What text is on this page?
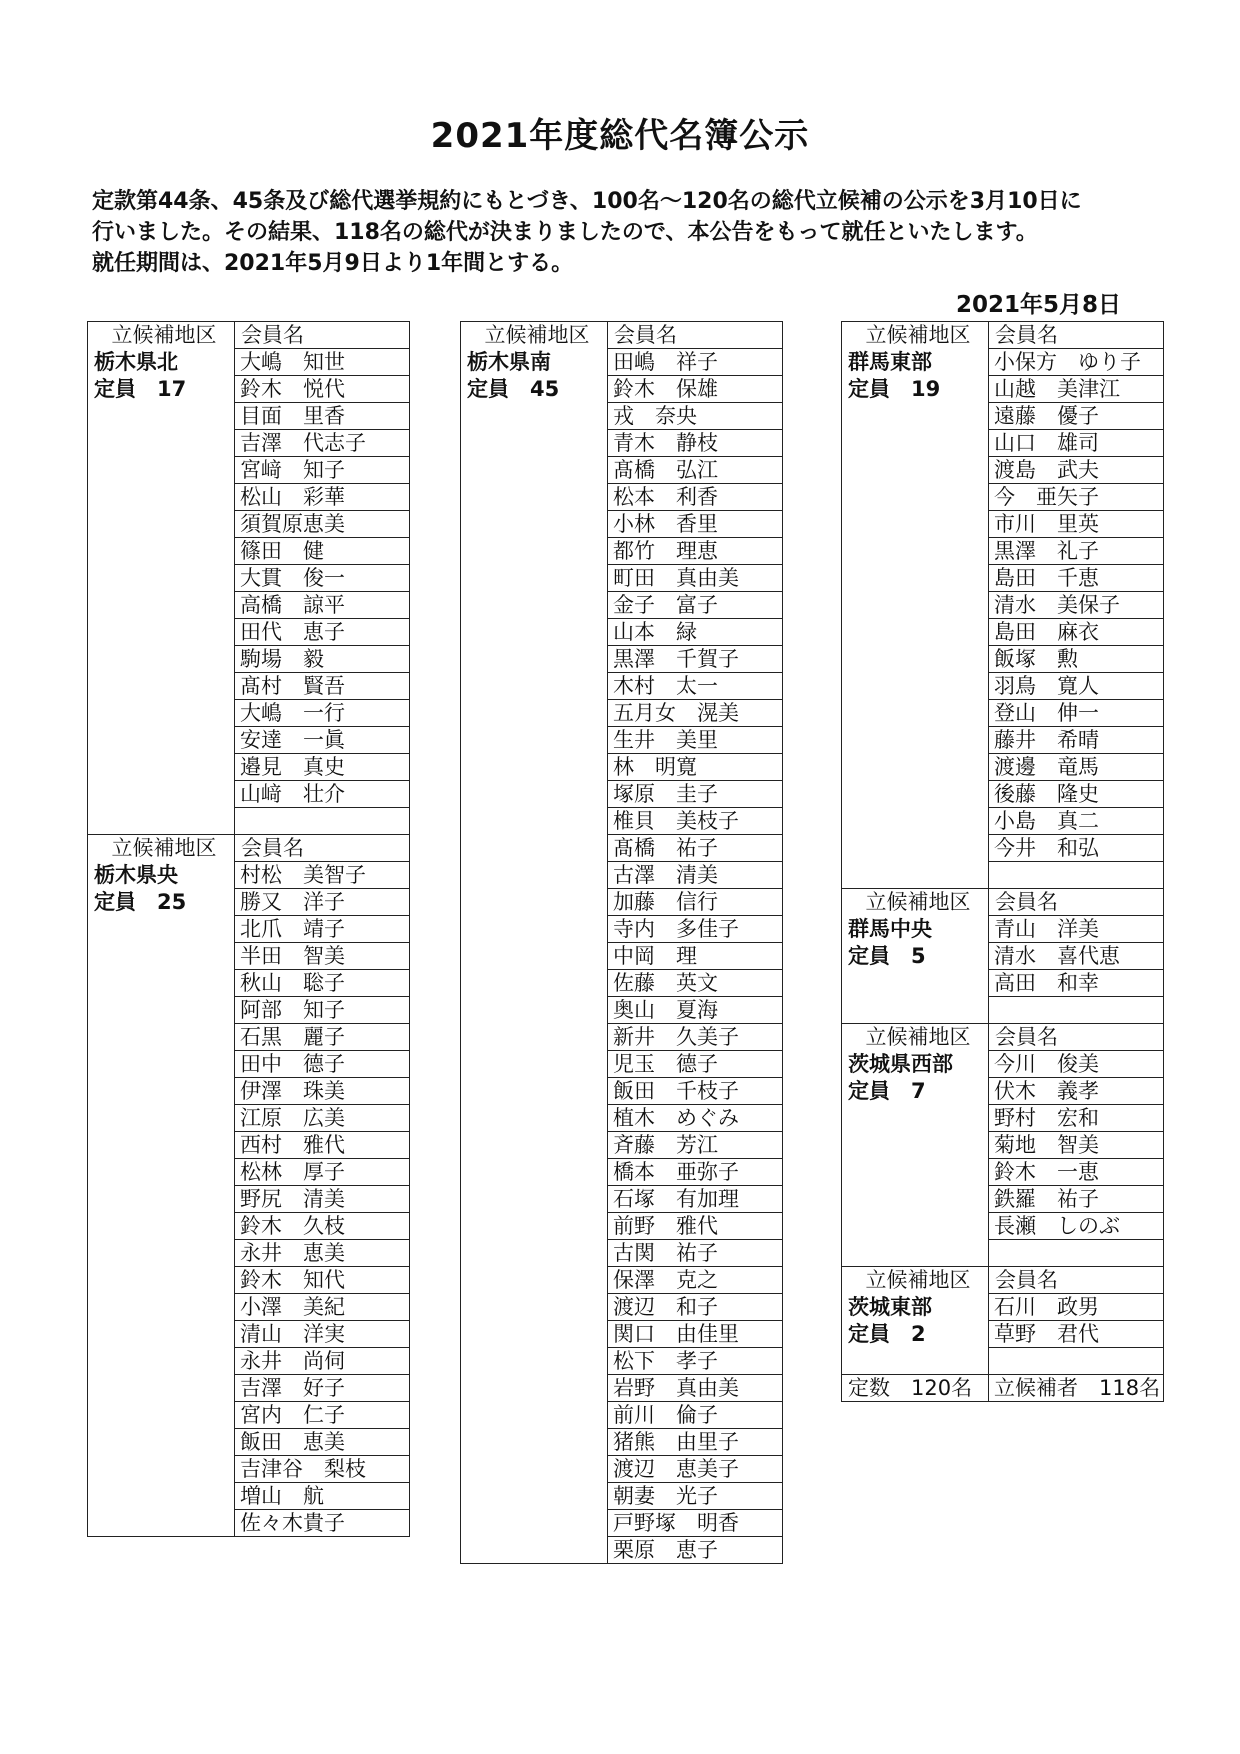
2021年度総代名簿公示
定款第44条、45条及び総代選挙規約にもとづき、100名～120名の総代立候補の公示を3月10日に
行いました。その結果、118名の総代が決まりましたので、本公告をもって就任といたします。
就任期間は、2021年5月9日より1年間とする。
2021年5月8日
立候補地区	会員名
栃木県北	大嶋　知世
定員　17	鈴木　悦代
	目面　里香
	吉澤　代志子
	宮﨑　知子
	松山　彩華
	須賀原恵美
	篠田　健
	大貫　俊一
	高橋　諒平
	田代　恵子
	駒場　毅
	髙村　賢吾
	大嶋　一行
	安達　一眞
	邉見　真史
	山﨑　壮介

立候補地区	会員名
栃木県央	村松　美智子
定員　25	勝又　洋子
	北爪　靖子
	半田　智美
	秋山　聡子
	阿部　知子
	石黒　麗子
	田中　德子
	伊澤　珠美
	江原　広美
	西村　雅代
	松林　厚子
	野尻　清美
	鈴木　久枝
	永井　恵美
	鈴木　知代
	小澤　美紀
	清山　洋実
	永井　尚伺
	吉澤　好子
	宮内　仁子
	飯田　恵美
	吉津谷　梨枝
	増山　航
	佐々木貴子
立候補地区	会員名
栃木県南	田嶋　祥子
定員　45	鈴木　保雄
	戎　奈央
	青木　静枝
	髙橋　弘江
	松本　利香
	小林　香里
	都竹　理恵
	町田　真由美
	金子　富子
	山本　緑
	黒澤　千賀子
	木村　太一
	五月女　滉美
	生井　美里
	林　明寛
	塚原　圭子
	椎貝　美枝子
	髙橋　祐子
	古澤　清美
	加藤　信行
	寺内　多佳子
	中岡　理
	佐藤　英文
	奥山　夏海
	新井　久美子
	児玉　德子
	飯田　千枝子
	植木　めぐみ
	斉藤　芳江
	橋本　亜弥子
	石塚　有加理
	前野　雅代
	古関　祐子
	保澤　克之
	渡辺　和子
	関口　由佳里
	松下　孝子
	岩野　真由美
	前川　倫子
	猪熊　由里子
	渡辺　恵美子
	朝妻　光子
	戸野塚　明香
	栗原　恵子
立候補地区	会員名
群馬東部	小保方　ゆり子
定員　19	山越　美津江
	遠藤　優子
	山口　雄司
	渡島　武夫
	今　亜矢子
	市川　里英
	黒澤　礼子
	島田　千恵
	清水　美保子
	島田　麻衣
	飯塚　勲
	羽鳥　寛人
	登山　伸一
	藤井　希晴
	渡邊　竜馬
	後藤　隆史
	小島　真二
	今井　和弘

立候補地区	会員名
群馬中央	青山　洋美
定員　5	清水　喜代恵
	高田　和幸

立候補地区	会員名
茨城県西部	今川　俊美
定員　7	伏木　義孝
	野村　宏和
	菊地　智美
	鈴木　一恵
	鉄羅　祐子
	長瀬　しのぶ

立候補地区	会員名
茨城東部	石川　政男
定員　2	草野　君代

定数　120名	立候補者　118名
